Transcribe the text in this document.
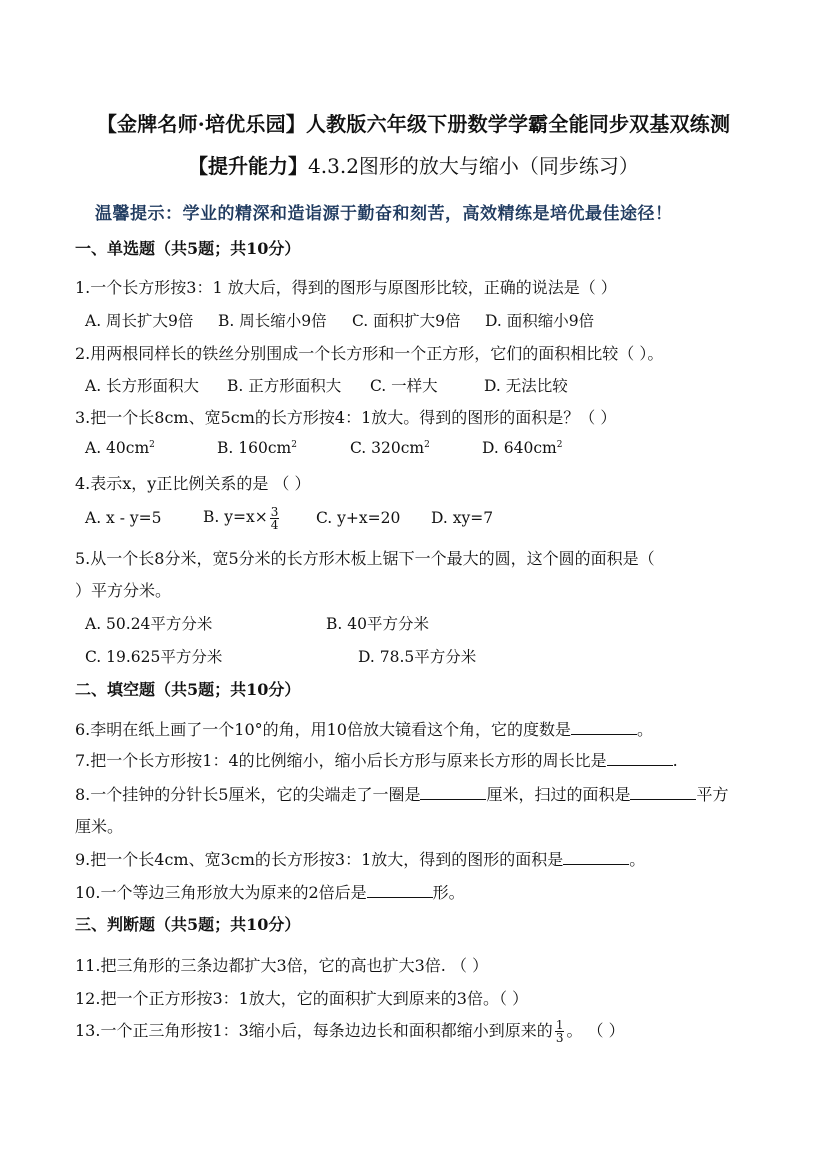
【金牌名师·培优乐园】人教版六年级下册数学学霸全能同步双基双练测
【提升能力】4.3.2图形的放大与缩小（同步练习）
温馨提示：学业的精深和造诣源于勤奋和刻苦，高效精练是培优最佳途径！
一、单选题（共5题；共10分）
1.一个长方形按3：1 放大后，得到的图形与原图形比较，正确的说法是（ ）
A. 周长扩大9倍 B. 周长缩小9倍 C. 面积扩大9倍 D. 面积缩小9倍
2.用两根同样长的铁丝分别围成一个长方形和一个正方形，它们的面积相比较（ ）。
A. 长方形面积大 B. 正方形面积大 C. 一样大	D. 无法比较
3.把一个长8cm、宽5cm的长方形按4：1放大。得到的图形的面积是？（ ）
A. $40cm^2$	B. $160cm^2$	C. $320cm^2$	D. $640cm^2$
4.表示x，y正比例关系的是 （ ）
A. x - y=5	B. $y=x\times \frac{3}{4} C$. y+x=20 D. xy=7
5.从一个长8分米，宽5分米的长方形木板上锯下一个最大的圆，这个圆的面积是（
）平方分米。
A. 50.24平方分米	B. 40平方分米
C. 19.625平方分米	D. 78.5平方分米
二、填空题（共5题；共10分）
6.李明在纸上画了一个10°的角，用10倍放大镜看这个角，它的度数是	。
7.把一个长方形按1：4的比例缩小，缩小后长方形与原来长方形的周长比是	.
8.一个挂钟的分针长5厘米，它的尖端走了一圈是	厘米，扫过的面积是	平方
厘米。
9.把一个长4cm、宽3cm的长方形按3：1放大，得到的图形的面积是	。
10.一个等边三角形放大为原来的2倍后是	形。
三、判断题（共5题；共10分）
11.把三角形的三条边都扩大3倍，它的高也扩大3倍. （ ）
12.把一个正方形按3：1放大，它的面积扩大到原来的3倍。（ ）
13.一个正三角形按1：3缩小后，每条边边长和面积都缩小到原来的 $\frac{1}{3}$ 。 （ ）
